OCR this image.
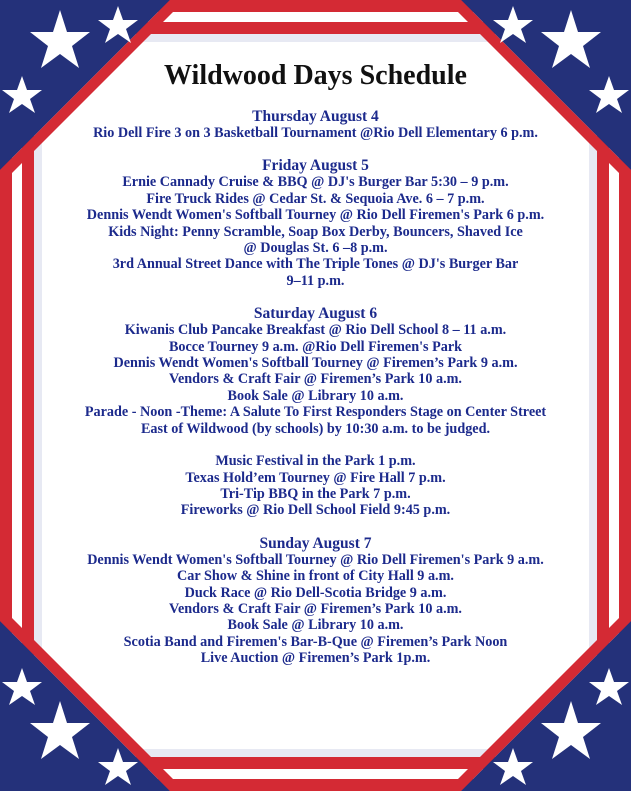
Wildwood Days Schedule
Thursday August 4
Rio Dell Fire 3 on 3 Basketball Tournament @Rio Dell Elementary 6 p.m.
Friday August 5
Ernie Cannady Cruise & BBQ @ DJ's Burger Bar 5:30 – 9 p.m.
Fire Truck Rides @ Cedar St. & Sequoia Ave. 6 – 7 p.m.
Dennis Wendt Women's Softball Tourney @ Rio Dell Firemen's Park 6 p.m.
Kids Night: Penny Scramble, Soap Box Derby, Bouncers, Shaved Ice
@ Douglas St. 6 –8 p.m.
3rd Annual Street Dance with The Triple Tones @ DJ's Burger Bar
9–11 p.m.
Saturday August 6
Kiwanis Club Pancake Breakfast @ Rio Dell School 8 – 11 a.m.
Bocce Tourney 9 a.m. @Rio Dell Firemen's Park
Dennis Wendt Women's Softball Tourney @ Firemen’s Park 9 a.m.
Vendors & Craft Fair @ Firemen’s Park 10 a.m.
Book Sale @ Library 10 a.m.
Parade - Noon -Theme: A Salute To First Responders Stage on Center Street
East of Wildwood (by schools) by 10:30 a.m. to be judged.
Music Festival in the Park 1 p.m.
Texas Hold’em Tourney @ Fire Hall 7 p.m.
Tri-Tip BBQ in the Park 7 p.m.
Fireworks @ Rio Dell School Field 9:45 p.m.
Sunday August 7
Dennis Wendt Women's Softball Tourney @ Rio Dell Firemen's Park 9 a.m.
Car Show & Shine in front of City Hall 9 a.m.
Duck Race @ Rio Dell-Scotia Bridge 9 a.m.
Vendors & Craft Fair @ Firemen’s Park 10 a.m.
Book Sale @ Library 10 a.m.
Scotia Band and Firemen's Bar-B-Que @ Firemen’s Park Noon
Live Auction @ Firemen’s Park 1p.m.
